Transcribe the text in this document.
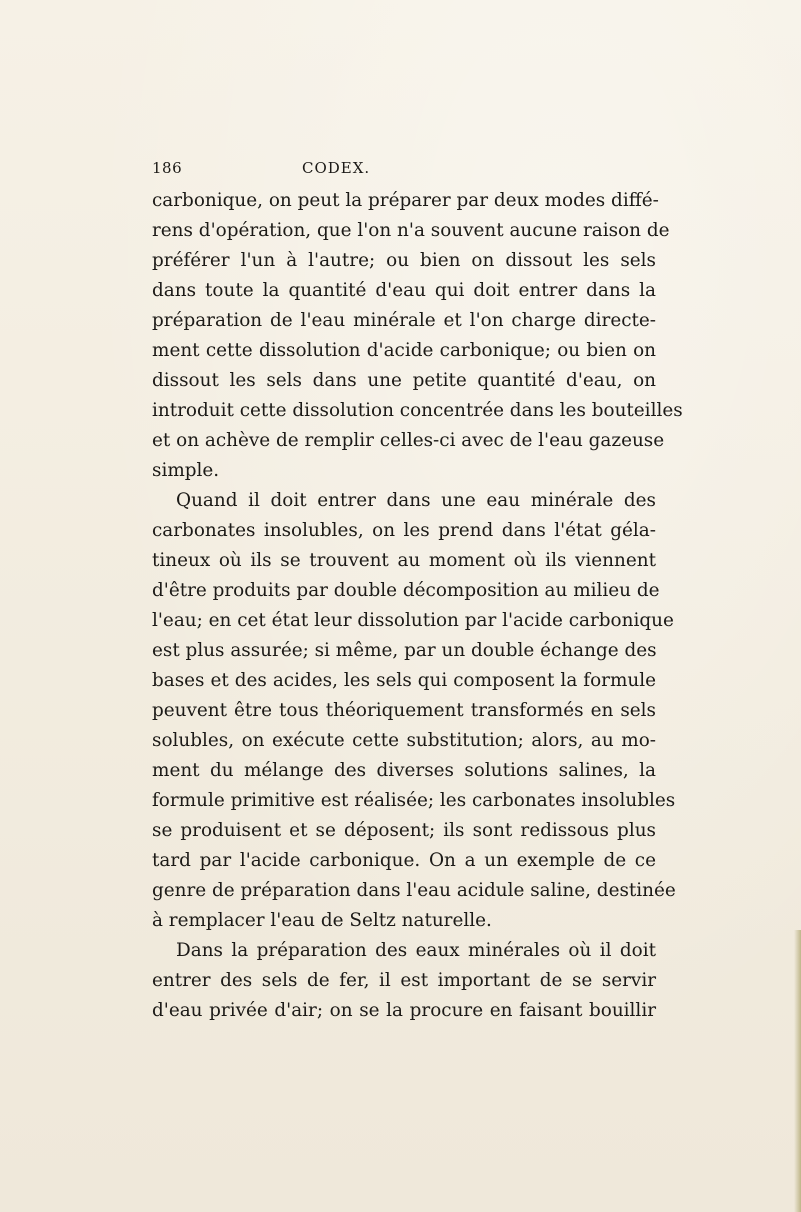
186	CODEX.
carbonique, on peut la préparer par deux modes diffé-
rens d'opération, que l'on n'a souvent aucune raison de
préférer l'un à l'autre; ou bien on dissout les sels
dans toute la quantité d'eau qui doit entrer dans la
préparation de l'eau minérale et l'on charge directe-
ment cette dissolution d'acide carbonique; ou bien on
dissout les sels dans une petite quantité d'eau, on
introduit cette dissolution concentrée dans les bouteilles
et on achève de remplir celles-ci avec de l'eau gazeuse
simple.
Quand il doit entrer dans une eau minérale des
carbonates insolubles, on les prend dans l'état géla-
tineux où ils se trouvent au moment où ils viennent
d'être produits par double décomposition au milieu de
l'eau; en cet état leur dissolution par l'acide carbonique
est plus assurée; si même, par un double échange des
bases et des acides, les sels qui composent la formule
peuvent être tous théoriquement transformés en sels
solubles, on exécute cette substitution; alors, au mo-
ment du mélange des diverses solutions salines, la
formule primitive est réalisée; les carbonates insolubles
se produisent et se déposent; ils sont redissous plus
tard par l'acide carbonique. On a un exemple de ce
genre de préparation dans l'eau acidule saline, destinée
à remplacer l'eau de Seltz naturelle.
Dans la préparation des eaux minérales où il doit
entrer des sels de fer, il est important de se servir
d'eau privée d'air; on se la procure en faisant bouillir
